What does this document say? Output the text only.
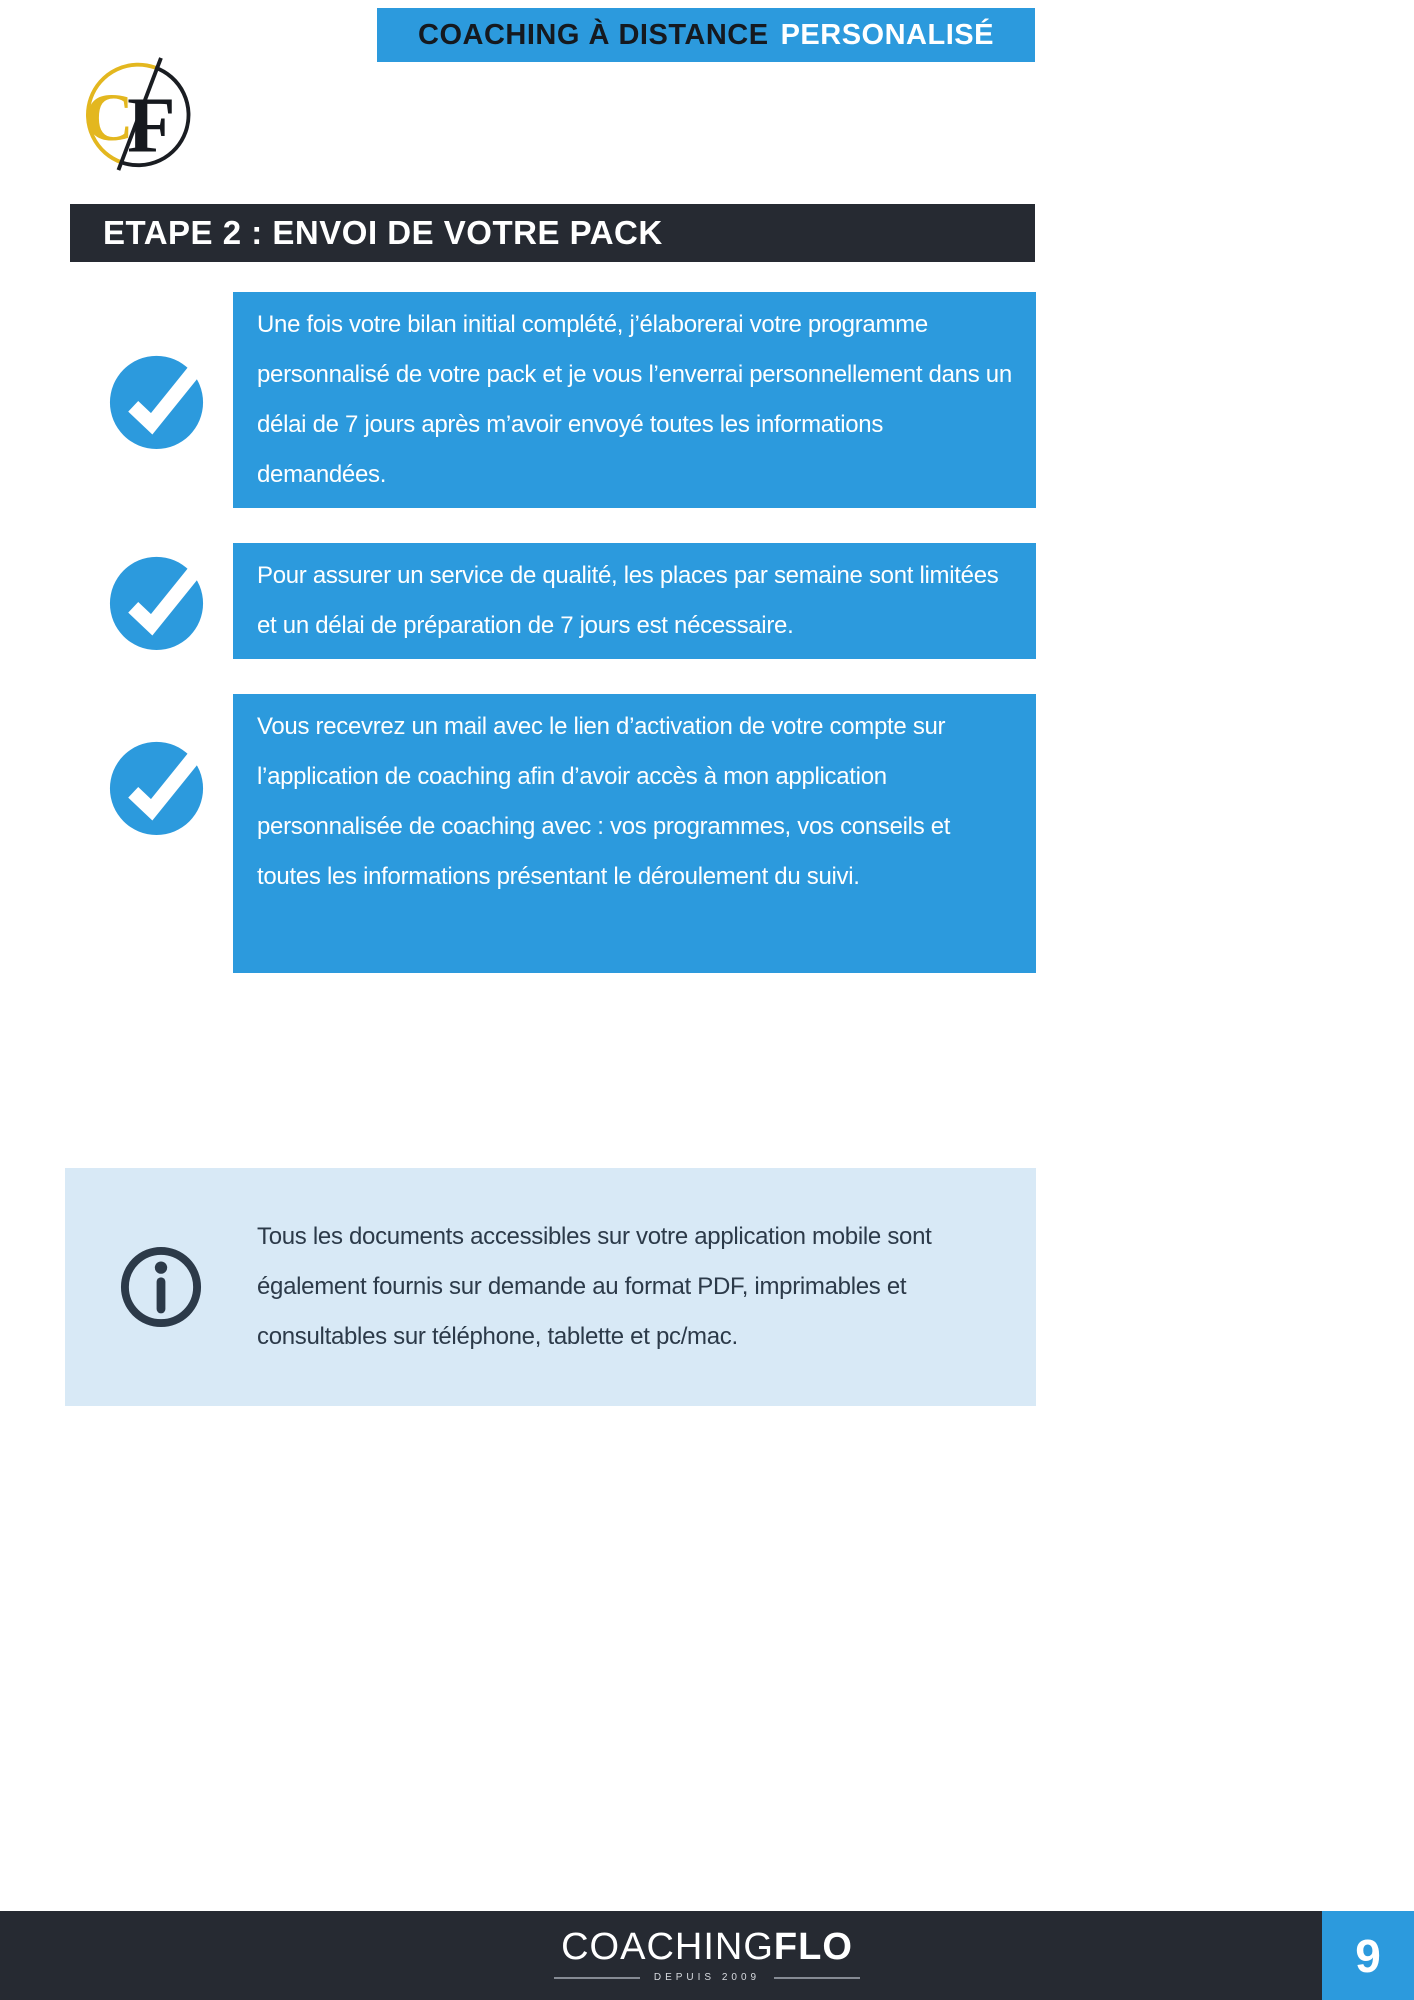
COACHING À DISTANCE PERSONALISÉ
C
F
ETAPE 2 : ENVOI DE VOTRE PACK
Une fois votre bilan initial complété, j’élaborerai votre programme personnalisé de votre pack et je vous l’enverrai personnellement dans un délai de 7 jours après m’avoir envoyé toutes les informations demandées.
Pour assurer un service de qualité, les places par semaine sont limitées et un délai de préparation de 7 jours est nécessaire.
Vous recevrez un mail avec le lien d’activation de votre compte sur l’application de coaching afin d’avoir accès à mon application personnalisée de coaching avec : vos programmes, vos conseils et toutes les informations présentant le déroulement du suivi.
Tous les documents accessibles sur votre application mobile sont également fournis sur demande au format PDF, imprimables et consultables sur téléphone, tablette et pc/mac.
COACHINGFLO
DEPUIS 2009	9
